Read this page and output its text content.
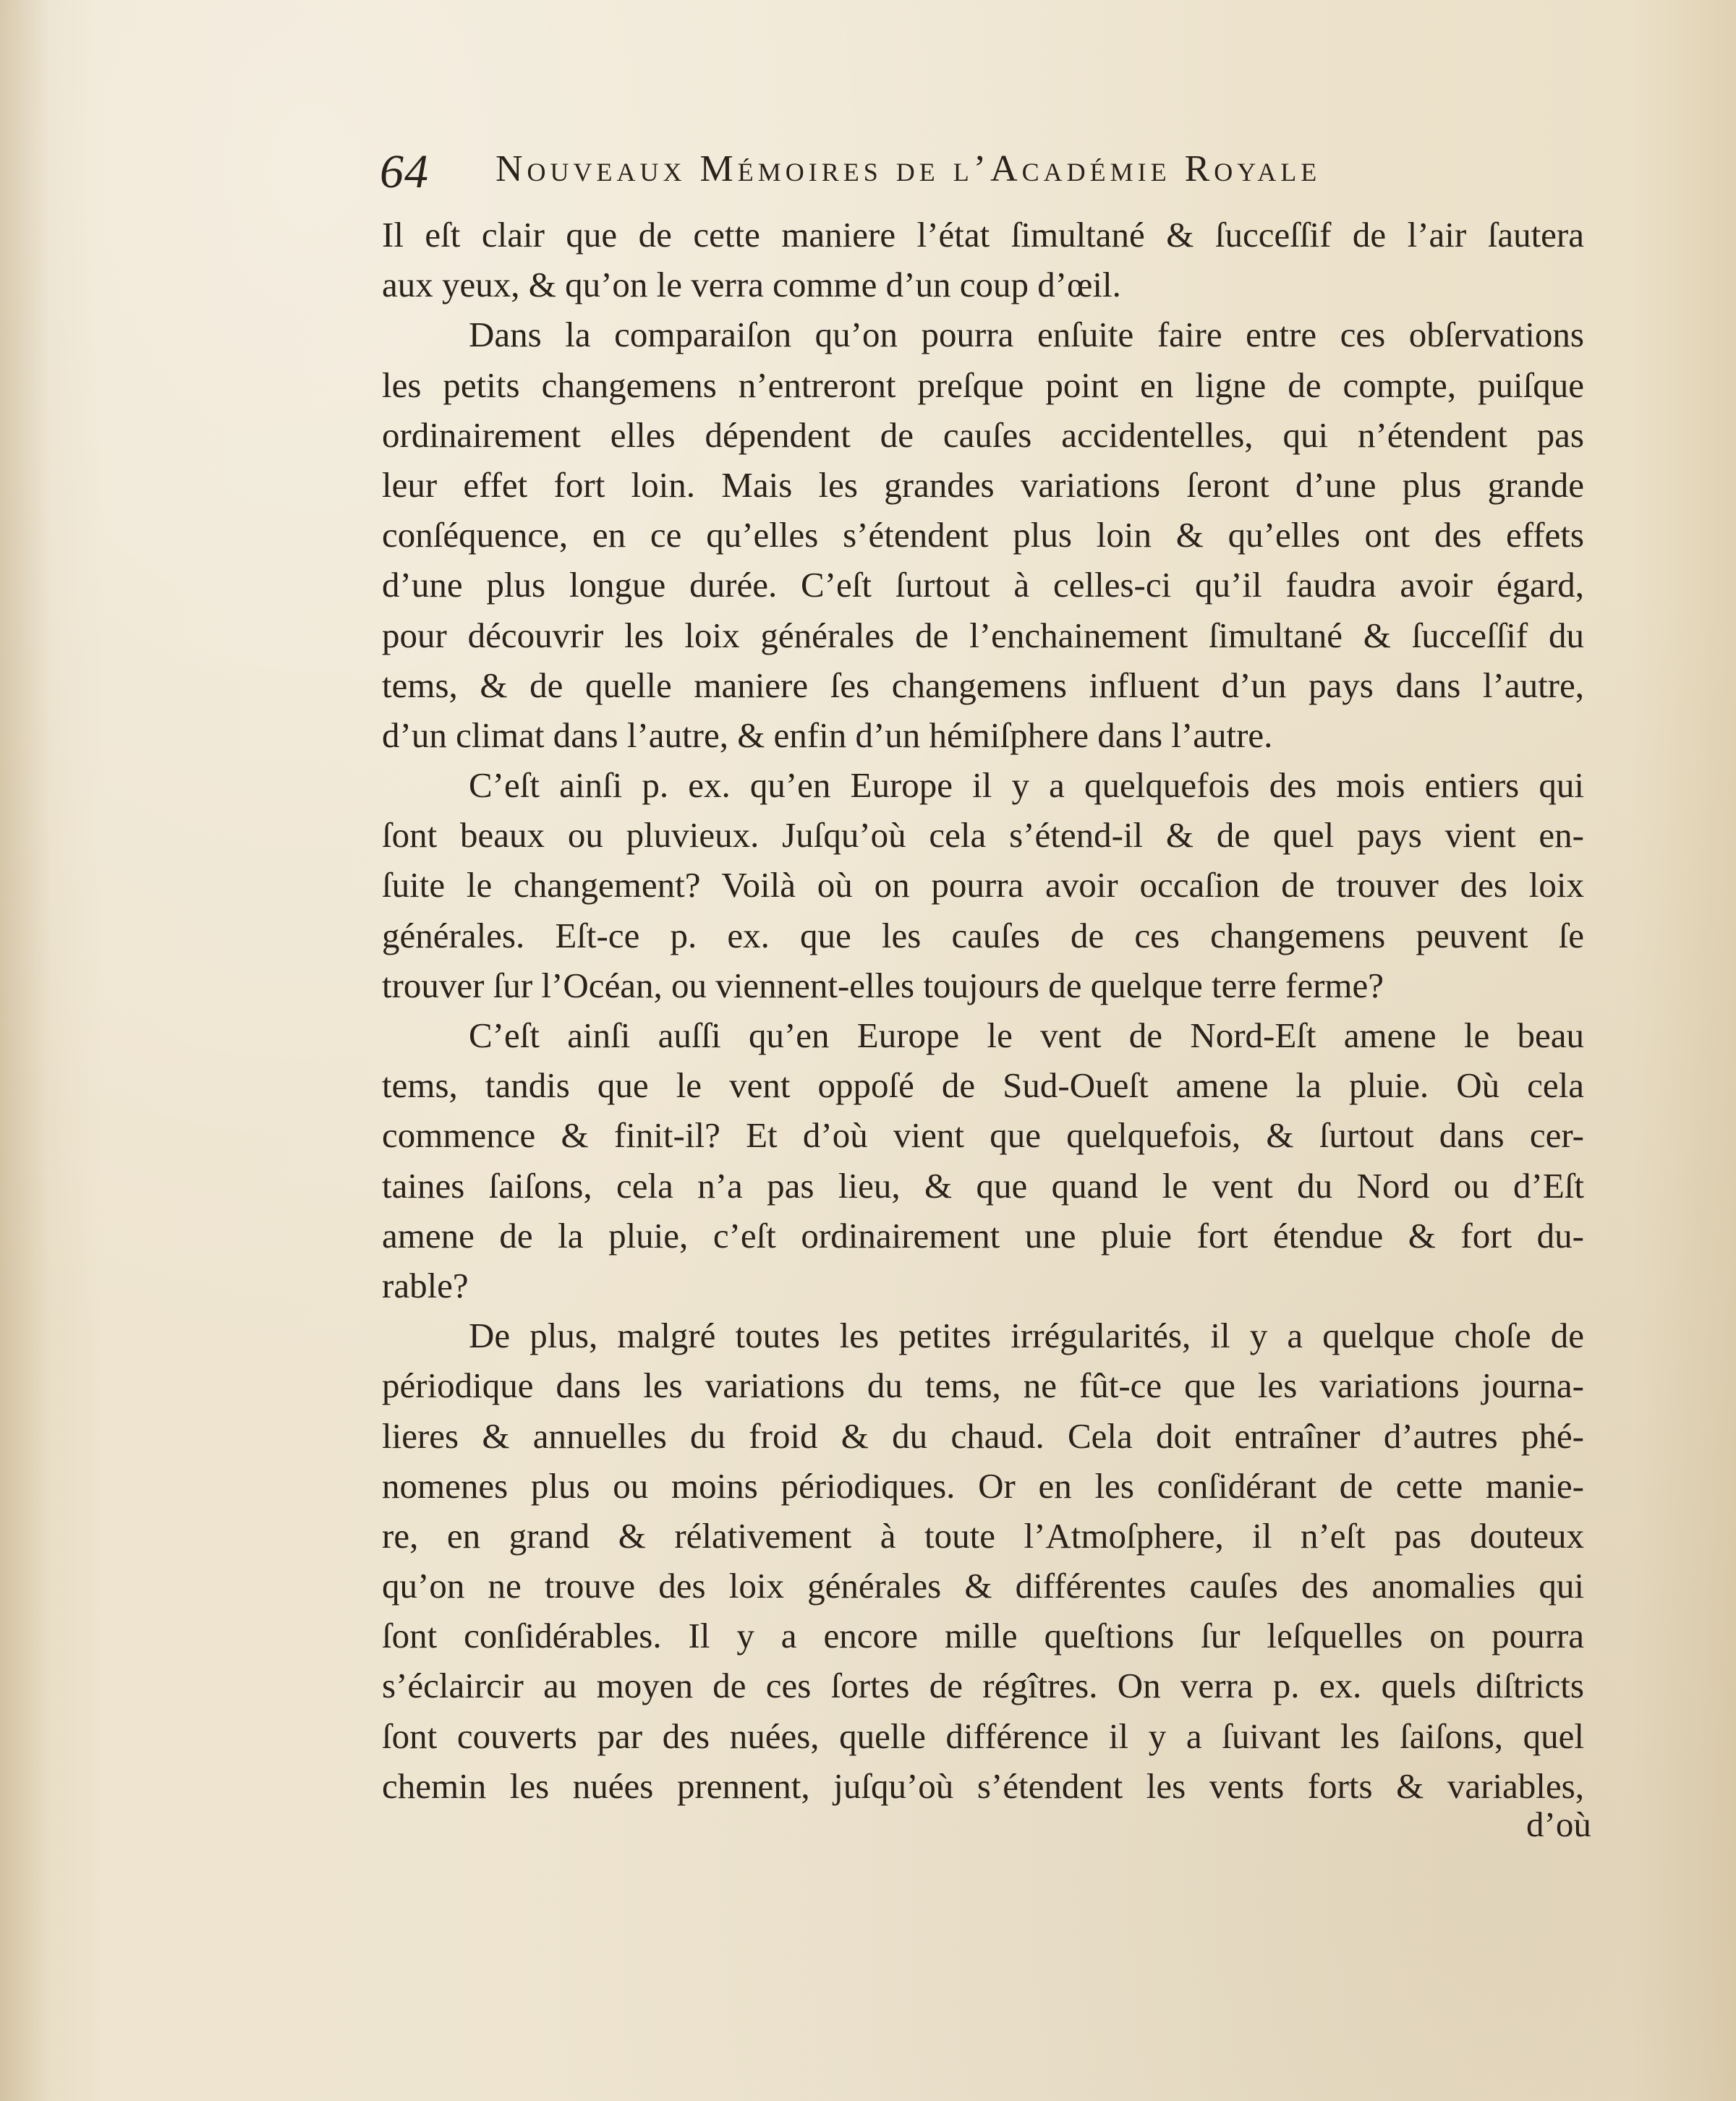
64 Nouveaux Mémoires de l’Académie Royale
Il eſt clair que de cette maniere l’état ſimultané & ſucceſſif de l’air ſautera
aux yeux, & qu’on le verra comme d’un coup d’œil.
Dans la comparaiſon qu’on pourra enſuite faire entre ces obſervations
les petits changemens n’entreront preſque point en ligne de compte, puiſque
ordinairement elles dépendent de cauſes accidentelles, qui n’étendent pas
leur effet fort loin. Mais les grandes variations ſeront d’une plus grande
conſéquence, en ce qu’elles s’étendent plus loin & qu’elles ont des effets
d’une plus longue durée. C’eſt ſurtout à celles-ci qu’il faudra avoir égard,
pour découvrir les loix générales de l’enchainement ſimultané & ſucceſſif du
tems, & de quelle maniere ſes changemens influent d’un pays dans l’autre,
d’un climat dans l’autre, & enfin d’un hémiſphere dans l’autre.
C’eſt ainſi p. ex. qu’en Europe il y a quelquefois des mois entiers qui
ſont beaux ou pluvieux. Juſqu’où cela s’étend-il & de quel pays vient en-
ſuite le changement? Voilà où on pourra avoir occaſion de trouver des loix
générales. Eſt-ce p. ex. que les cauſes de ces changemens peuvent ſe
trouver ſur l’Océan, ou viennent-elles toujours de quelque terre ferme?
C’eſt ainſi auſſi qu’en Europe le vent de Nord-Eſt amene le beau
tems, tandis que le vent oppoſé de Sud-Oueſt amene la pluie. Où cela
commence & finit-il? Et d’où vient que quelquefois, & ſurtout dans cer-
taines ſaiſons, cela n’a pas lieu, & que quand le vent du Nord ou d’Eſt
amene de la pluie, c’eſt ordinairement une pluie fort étendue & fort du-
rable?
De plus, malgré toutes les petites irrégularités, il y a quelque choſe de
périodique dans les variations du tems, ne fût-ce que les variations journa-
lieres & annuelles du froid & du chaud. Cela doit entraîner d’autres phé-
nomenes plus ou moins périodiques. Or en les conſidérant de cette manie-
re, en grand & rélativement à toute l’Atmoſphere, il n’eſt pas douteux
qu’on ne trouve des loix générales & différentes cauſes des anomalies qui
ſont conſidérables. Il y a encore mille queſtions ſur leſquelles on pourra
s’éclaircir au moyen de ces ſortes de régîtres. On verra p. ex. quels diſtricts
ſont couverts par des nuées, quelle différence il y a ſuivant les ſaiſons, quel
chemin les nuées prennent, juſqu’où s’étendent les vents forts & variables,
d’où
